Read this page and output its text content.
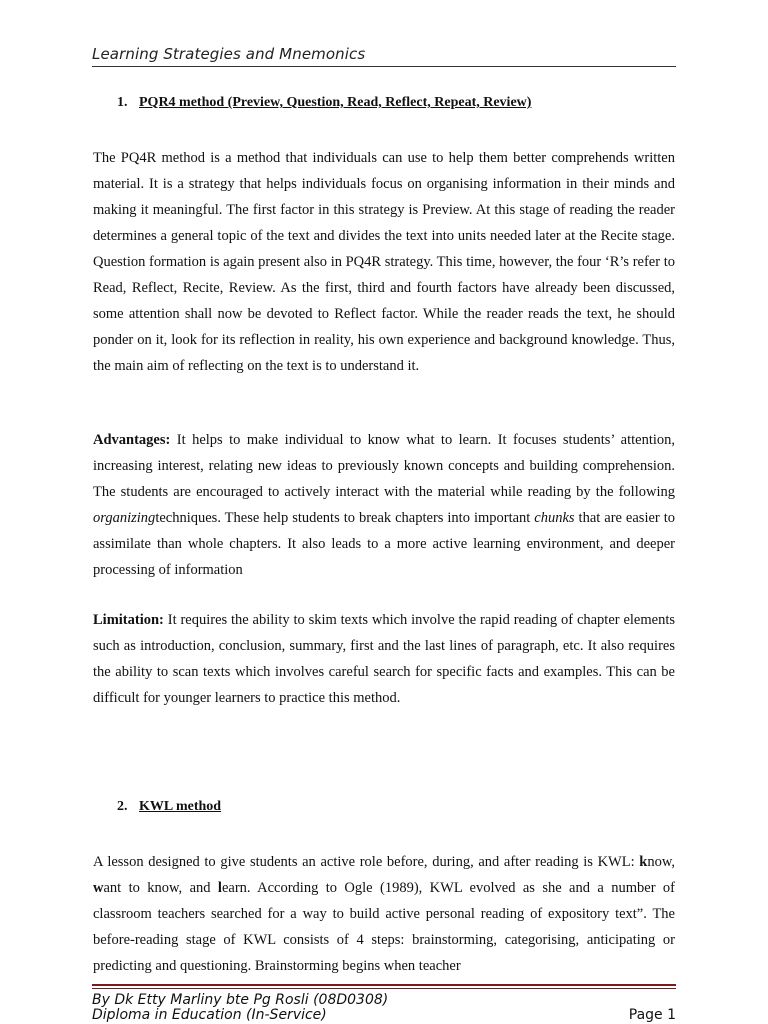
Learning Strategies and Mnemonics
1. PQR4 method (Preview, Question, Read, Reflect, Repeat, Review)

The PQ4R method is a method that individuals can use to help them better comprehends written material. It is a strategy that helps individuals focus on organising information in their minds and making it meaningful. The first factor in this strategy is Preview. At this stage of reading the reader determines a general topic of the text and divides the text into units needed later at the Recite stage. Question formation is again present also in PQ4R strategy. This time, however, the four ‘R’s refer to Read, Reflect, Recite, Review. As the first, third and fourth factors have already been discussed, some attention shall now be devoted to Reflect factor. While the reader reads the text, he should ponder on it, look for its reflection in reality, his own experience and background knowledge. Thus, the main aim of reflecting on the text is to understand it.

Advantages: It helps to make individual to know what to learn. It focuses students’ attention, increasing interest, relating new ideas to previously known concepts and building comprehension. The students are encouraged to actively interact with the material while reading by the following organizingtechniques. These help students to break chapters into important chunks that are easier to assimilate than whole chapters. It also leads to a more active learning environment, and deeper processing of information

Limitation: It requires the ability to skim texts which involve the rapid reading of chapter elements such as introduction, conclusion, summary, first and the last lines of paragraph, etc. It also requires the ability to scan texts which involves careful search for specific facts and examples. This can be difficult for younger learners to practice this method.

2. KWL method

A lesson designed to give students an active role before, during, and after reading is KWL: know, want to know, and learn. According to Ogle (1989), KWL evolved as she and a number of classroom teachers searched for a way to build active personal reading of expository text”. The before-reading stage of KWL consists of 4 steps: brainstorming, categorising, anticipating or predicting and questioning. Brainstorming begins when teacher

By Dk Etty Marliny bte Pg Rosli (08D0308)
Diploma in Education (In-Service)	Page 1
